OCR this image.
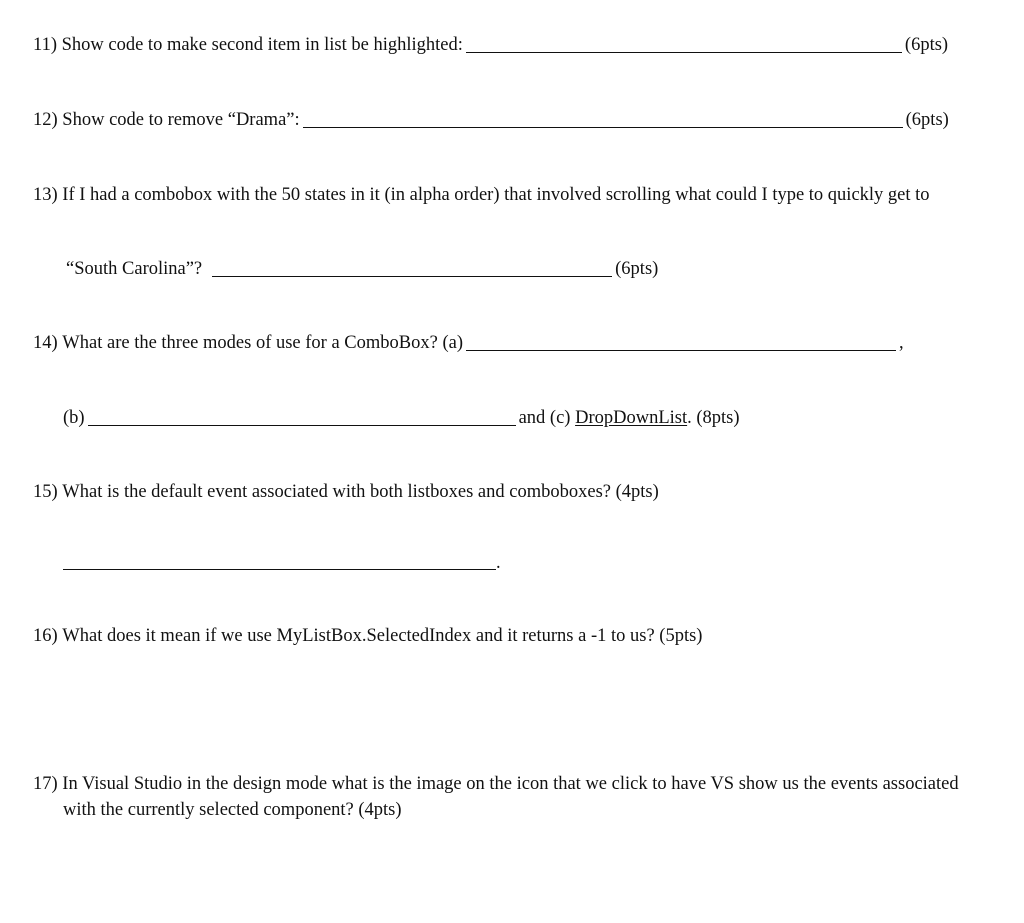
11)
Show code to make second item in list be highlighted:	(6pts)
12)
Show code to remove “Drama”:	(6pts)
13)
If I had a combobox with the 50 states in it (in alpha order) that involved scrolling what could I type to quickly get to
“South Carolina”?	(6pts)
14)
What are the three modes of use for a ComboBox? (a)	,
(b)	and (c)
DropDownList . (8pts)
15)
What is the default event associated with both listboxes and comboboxes? (4pts)
.
16)
What does it mean if we use MyListBox.SelectedIndex and it returns a -1 to us? (5pts)
17)
In Visual Studio in the design mode what is the image on the icon that we click to have VS show us the events associated
with the currently selected component? (4pts)
